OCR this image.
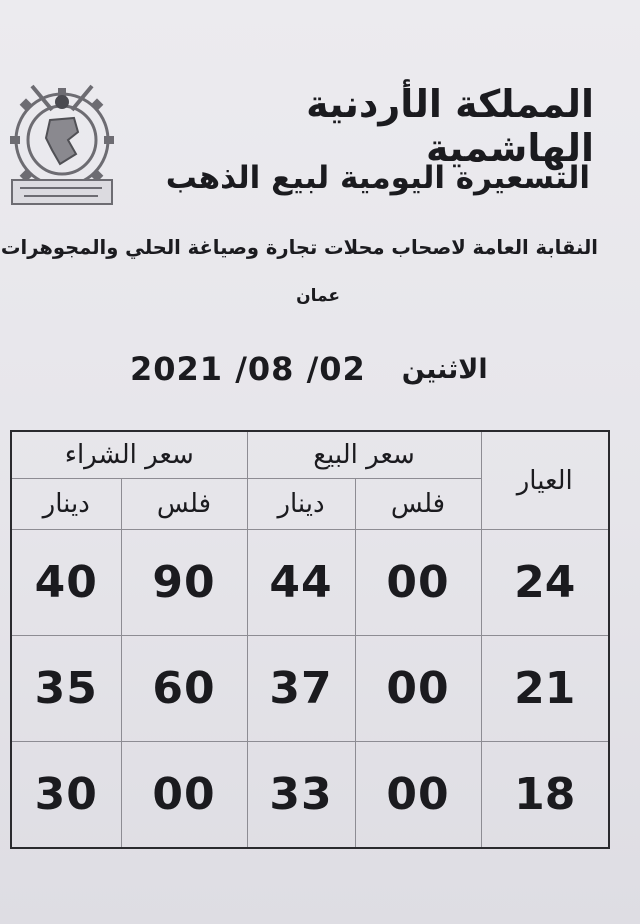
المملكة الأردنية الهاشمية
التسعيرة اليومية لبيع الذهب
النقابة العامة لاصحاب محلات تجارة وصياغة الحلي والمجوهرات
عمان
2021 /08 /02 الاثنين
سعر الشراء		سعر البيع		العيار
دينار	فلس	دينار	فلس	
40	90	44	00	24
35	60	37	00	21
30	00	33	00	18
